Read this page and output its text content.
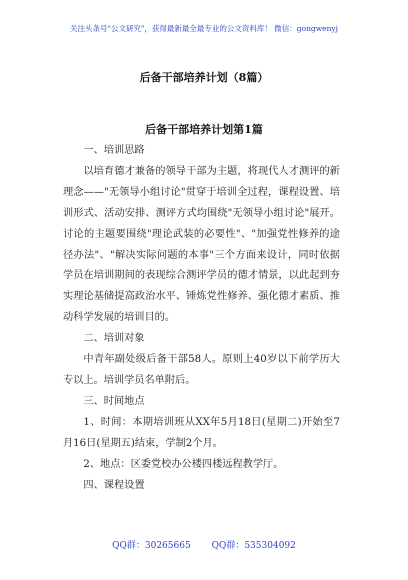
关注头条号"公文研究"，获得最新最全最专业的公文资料库！ 微信：gongwenyj
后备干部培养计划（8篇）
后备干部培养计划第1篇

一、培训思路

以培育德才兼备的领导干部为主题，将现代人才测评的新理念——"无领导小组讨论"贯穿于培训全过程，课程设置、培训形式、活动安排、测评方式均围绕"无领导小组讨论"展开。讨论的主题要围绕"理论武装的必要性"、"加强党性修养的途径办法"、"解决实际问题的本事"三个方面来设计，同时依据学员在培训期间的表现综合测评学员的德才情景，以此起到夯实理论基储提高政治水平、锤炼党性修养、强化德才素质、推动科学发展的培训目的。

二、培训对象

中青年副处级后备干部58人。原则上40岁以下前学历大专以上。培训学员名单附后。

三、时间地点

1、时间：本期培训班从XX年5月18日(星期二)开始至7月16日(星期五)结束，学制2个月。

2、地点：区委党校办公楼四楼远程教学厅。

四、课程设置

QQ群：30265665 QQ群：535304092
